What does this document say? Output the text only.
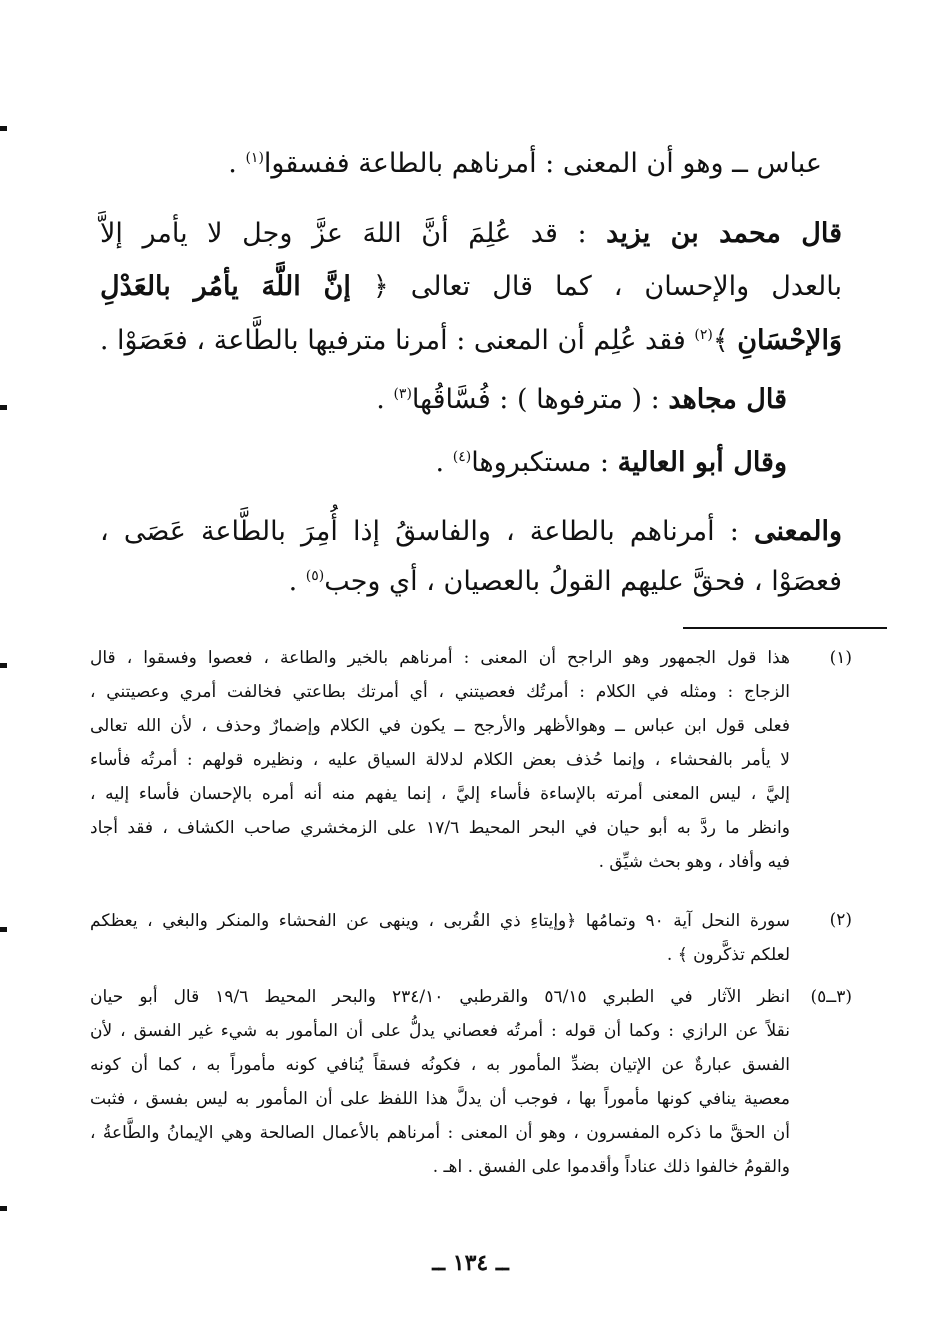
عباس ــ وهو أن المعنى : أمرناهم بالطاعة ففسقوا$^{(١)}$ .
قال محمد بن يزيد : قد عُلِمَ أنَّ اللهَ عزَّ وجل لا يأمر إلاَّ
بالعدل والإحسان ، كما قال تعالى ﴿ إنَّ اللَّهَ يأمُر بالعَدْلِ
وَالإحْسَانِ ﴾$^{(٢)}$ فقد عُلِم أن المعنى : أمرنا مترفيها بالطَّاعة ، فعَصَوْا .
قال مجاهد : ( مترفوها ) : فُسَّاقُها$^{(٣)}$ .
وقال أبو العالية : مستكبروها$^{(٤)}$ .
والمعنى : أمرناهم بالطاعة ، والفاسقُ إذا أُمِرَ بالطَّاعة عَصَى ،
فعصَوْا ، فحقَّ عليهم القولُ بالعصيان ، أي وجب$^{(٥)}$ .
(١)
هذا قول الجمهور وهو الراجح أن المعنى : أمرناهم بالخير والطاعة ، فعصوا وفسقوا ، قال
الزجاج : ومثله في الكلام : أمرتُك فعصيتني ، أي أمرتك بطاعتي فخالفت أمري وعصيتني ،
فعلى قول ابن عباس ــ وهوالأظهر والأرجح ــ يكون في الكلام وإضمارٌ وحذف ، لأن الله تعالى
لا يأمر بالفحشاء ، وإنما حُذف بعض الكلام لدلالة السياق عليه ، ونظيره قولهم : أمرتُه فأساء
إليَّ ، ليس المعنى أمرته بالإساءة فأساء إليَّ ، إنما يفهم منه أنه أمره بالإحسان فأساء إليه ،
وانظر ما ردَّ به أبو حيان في البحر المحيط ١٧/٦ على الزمخشري صاحب الكشاف ، فقد أجاد
فيه وأفاد ، وهو بحث شيِّق .
(٢)
سورة النحل آية ٩٠ وتمامُها ﴿وإيتاءِ ذي القُربى ، وينهى عن الفحشاء والمنكر والبغي ، يعظكم
لعلكم تذكَّرون ﴾ .
(٣ــ٥)
انظر الآثار في الطبري ٥٦/١٥ والقرطبي ٢٣٤/١٠ والبحر المحيط ١٩/٦ قال أبو حيان
نقلاً عن الرازي : وكما أن قوله : أمرتُه فعصاني يدلُّ على أن المأمور به شيء غير الفسق ، لأن
الفسق عبارةٌ عن الإتيان بضدِّ المأمور به ، فكونُه فسقاً يُنافي كونه مأموراً به ، كما أن كونه
معصية ينافي كونها مأموراً بها ، فوجب أن يدلَّ هذا اللفظ على أن المأمور به ليس بفسق ، فثبت
أن الحقَّ ما ذكره المفسرون ، وهو أن المعنى : أمرناهم بالأعمال الصالحة وهي الإيمانُ والطَّاعةُ ،
والقومُ خالفوا ذلك عناداً وأقدموا على الفسق . اهـ .
ــ ١٣٤ ــ
